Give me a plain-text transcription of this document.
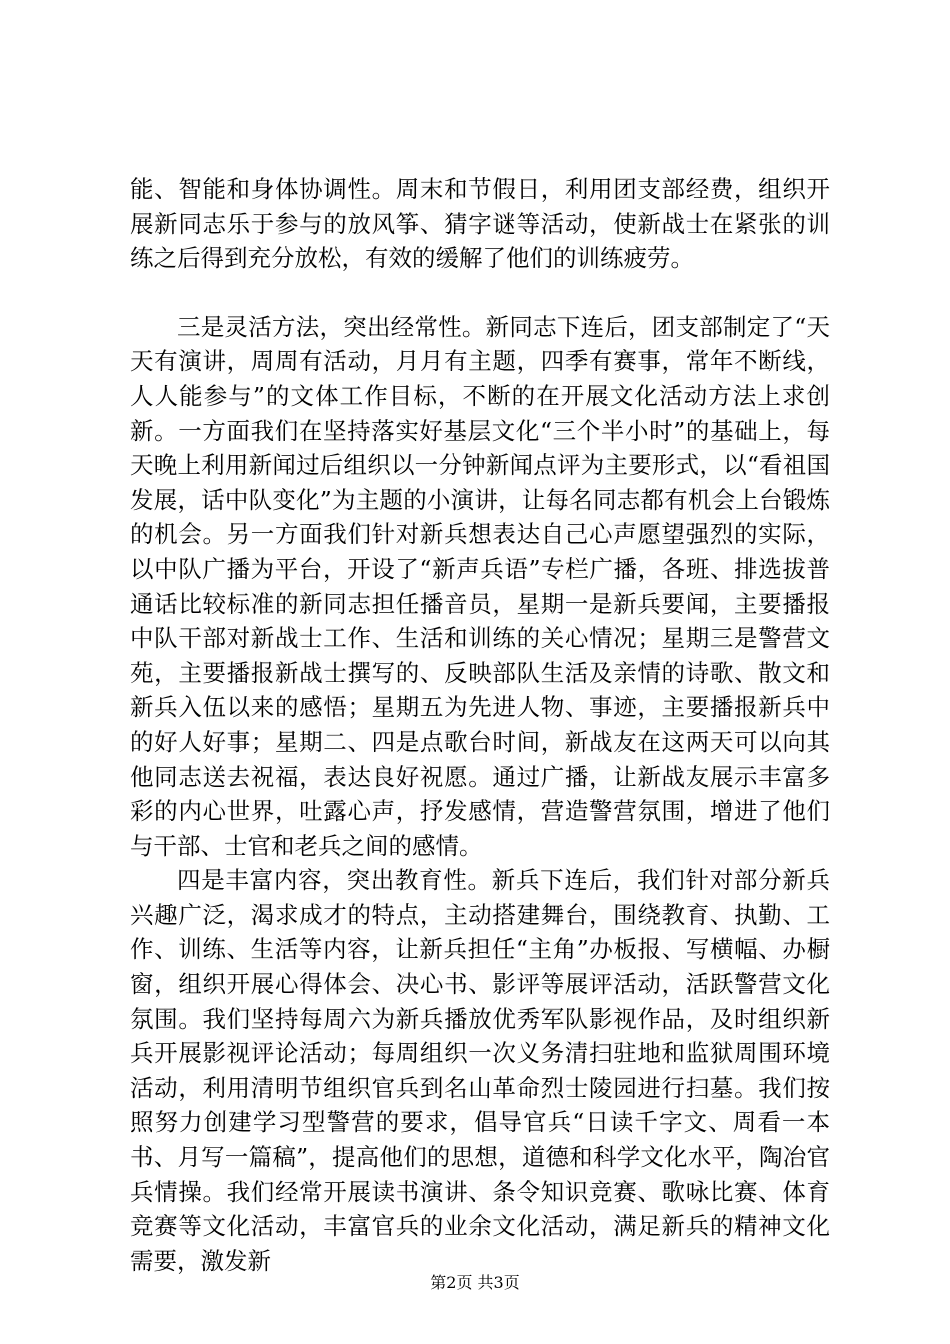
能、智能和身体协调性。周末和节假日，利用团支部经费，组织开展新同志乐于参与的放风筝、猜字谜等活动，使新战士在紧张的训练之后得到充分放松，有效的缓解了他们的训练疲劳。

三是灵活方法，突出经常性。新同志下连后，团支部制定了“天天有演讲，周周有活动，月月有主题，四季有赛事，常年不断线，人人能参与”的文体工作目标，不断的在开展文化活动方法上求创新。一方面我们在坚持落实好基层文化“三个半小时”的基础上，每天晚上利用新闻过后组织以一分钟新闻点评为主要形式，以“看祖国发展，话中队变化”为主题的小演讲，让每名同志都有机会上台锻炼的机会。另一方面我们针对新兵想表达自己心声愿望强烈的实际，以中队广播为平台，开设了“新声兵语”专栏广播，各班、排选拔普通话比较标准的新同志担任播音员，星期一是新兵要闻，主要播报中队干部对新战士工作、生活和训练的关心情况；星期三是警营文苑，主要播报新战士撰写的、反映部队生活及亲情的诗歌、散文和新兵入伍以来的感悟；星期五为先进人物、事迹，主要播报新兵中的好人好事；星期二、四是点歌台时间，新战友在这两天可以向其他同志送去祝福，表达良好祝愿。通过广播，让新战友展示丰富多彩的内心世界，吐露心声，抒发感情，营造警营氛围，增进了他们与干部、士官和老兵之间的感情。

四是丰富内容，突出教育性。新兵下连后，我们针对部分新兵兴趣广泛，渴求成才的特点，主动搭建舞台，围绕教育、执勤、工作、训练、生活等内容，让新兵担任“主角”办板报、写横幅、办橱窗，组织开展心得体会、决心书、影评等展评活动，活跃警营文化氛围。我们坚持每周六为新兵播放优秀军队影视作品，及时组织新兵开展影视评论活动；每周组织一次义务清扫驻地和监狱周围环境活动，利用清明节组织官兵到名山革命烈士陵园进行扫墓。我们按照努力创建学习型警营的要求，倡导官兵“日读千字文、周看一本书、月写一篇稿”，提高他们的思想，道德和科学文化水平，陶冶官兵情操。我们经常开展读书演讲、条令知识竞赛、歌咏比赛、体育竞赛等文化活动，丰富官兵的业余文化活动，满足新兵的精神文化需要，激发新

第2页 共3页
